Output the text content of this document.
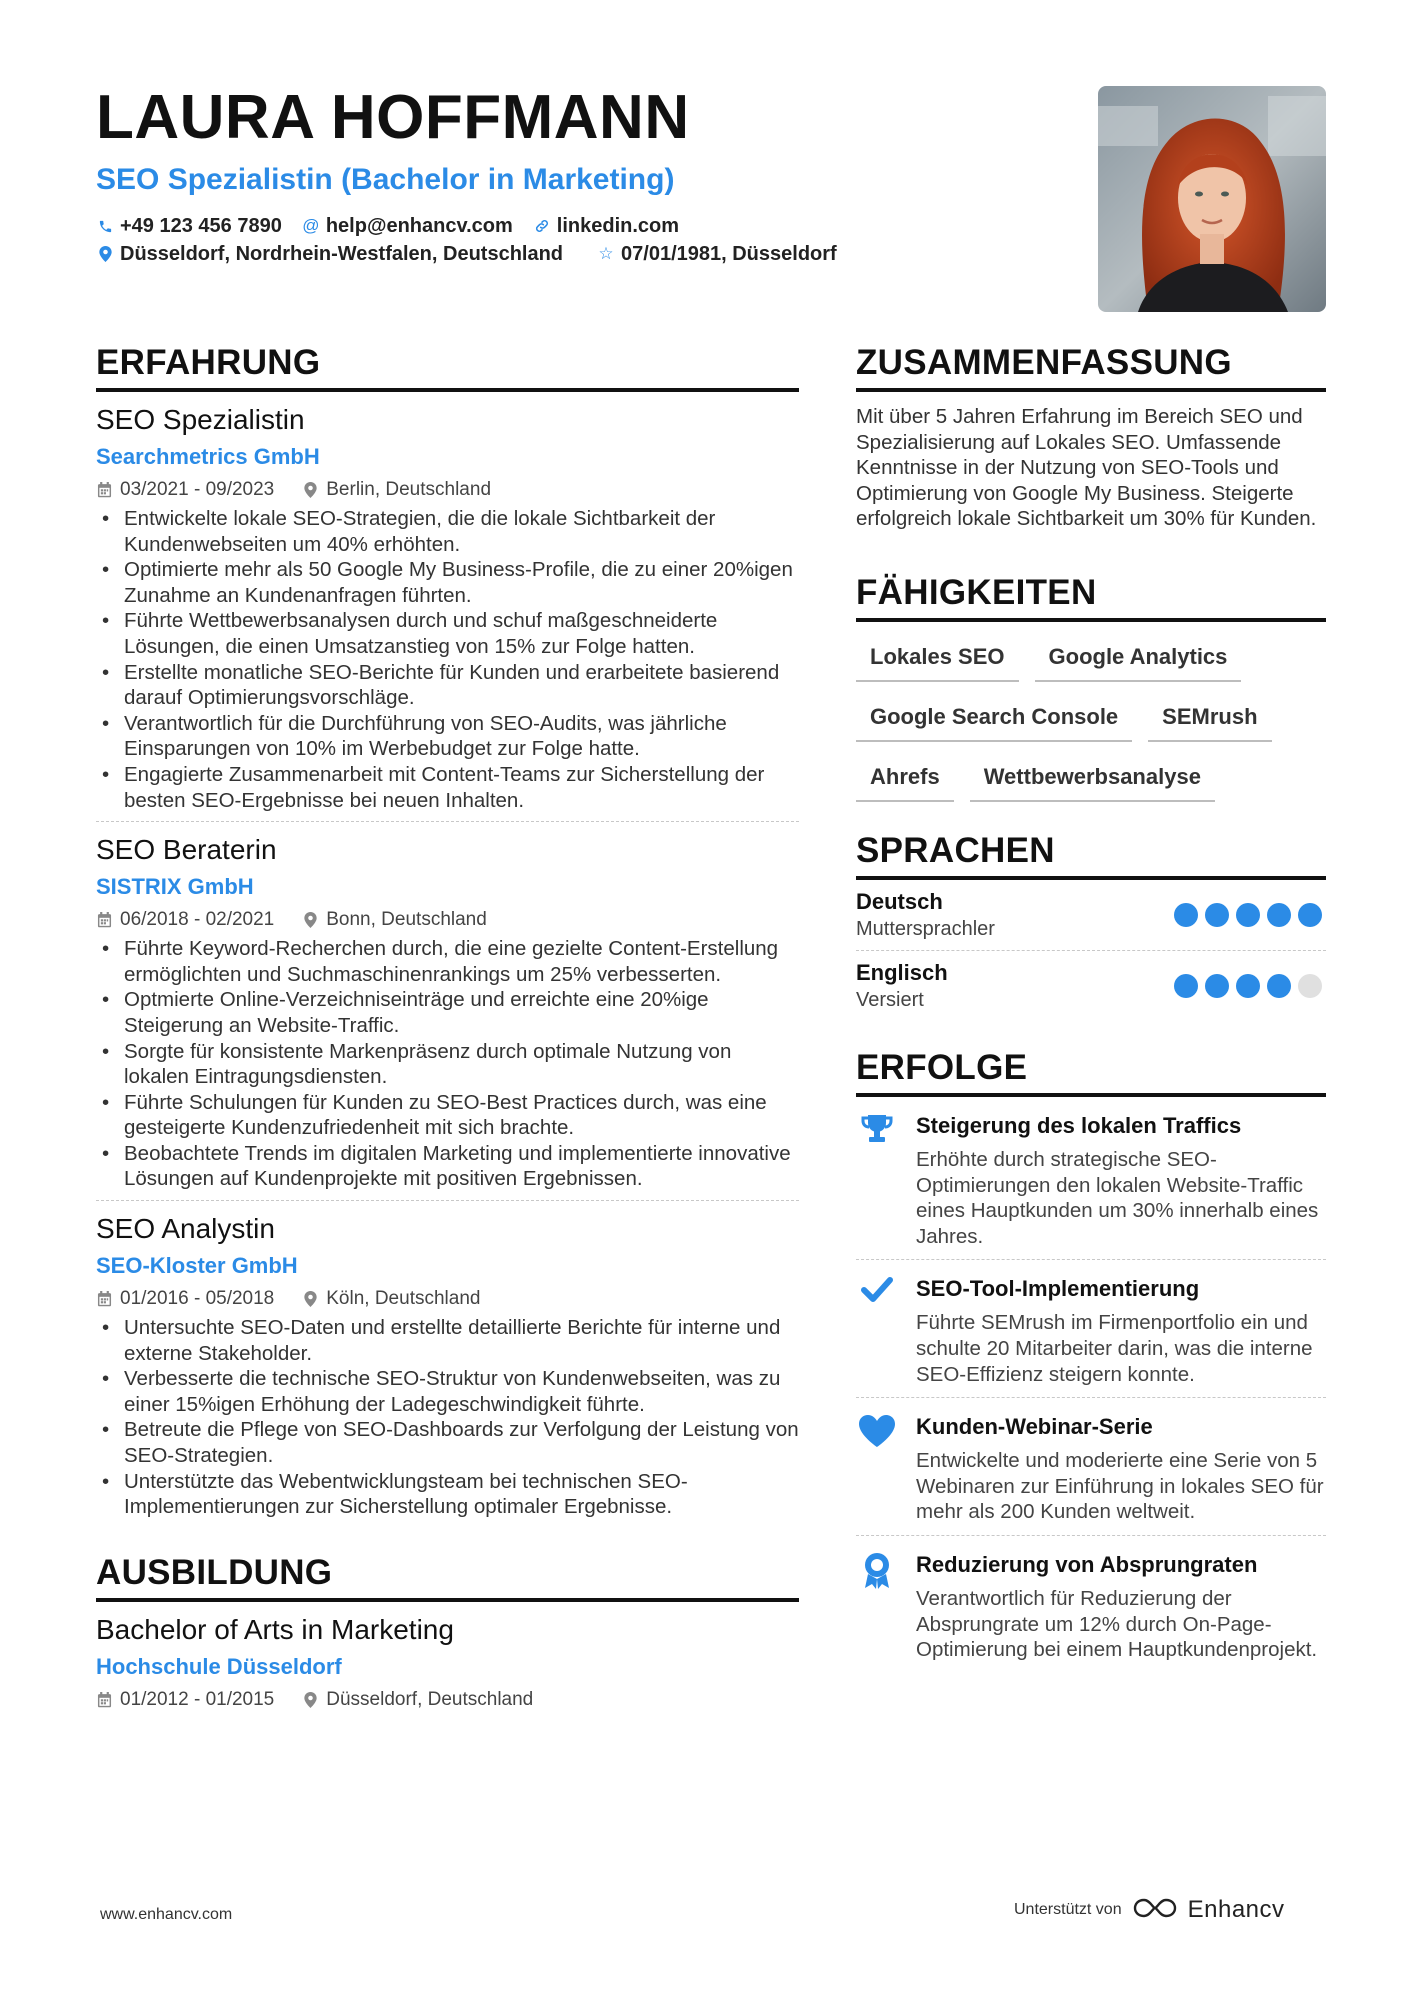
LAURA HOFFMANN
SEO Spezialistin (Bachelor in Marketing)
+49 123 456 7890 @ help@enhancv.com linkedin.com
Düsseldorf, Nordrhein-Westfalen, Deutschland ☆ 07/01/1981, Düsseldorf
ERFAHRUNG
SEO Spezialistin
Searchmetrics GmbH
03/2021 - 09/2023	Berlin, Deutschland
• Entwickelte lokale SEO-Strategien, die die lokale Sichtbarkeit der Kundenwebseiten um 40% erhöhten.
• Optimierte mehr als 50 Google My Business-Profile, die zu einer 20%igen Zunahme an Kundenanfragen führten.
• Führte Wettbewerbsanalysen durch und schuf maßgeschneiderte Lösungen, die einen Umsatzanstieg von 15% zur Folge hatten.
• Erstellte monatliche SEO-Berichte für Kunden und erarbeitete basierend darauf Optimierungsvorschläge.
• Verantwortlich für die Durchführung von SEO-Audits, was jährliche Einsparungen von 10% im Werbebudget zur Folge hatte.
• Engagierte Zusammenarbeit mit Content-Teams zur Sicherstellung der besten SEO-Ergebnisse bei neuen Inhalten.
SEO Beraterin
SISTRIX GmbH
06/2018 - 02/2021	Bonn, Deutschland
• Führte Keyword-Recherchen durch, die eine gezielte Content-Erstellung ermöglichten und Suchmaschinenrankings um 25% verbesserten.
• Optmierte Online-Verzeichniseinträge und erreichte eine 20%ige Steigerung an Website-Traffic.
• Sorgte für konsistente Markenpräsenz durch optimale Nutzung von lokalen Eintragungsdiensten.
• Führte Schulungen für Kunden zu SEO-Best Practices durch, was eine gesteigerte Kundenzufriedenheit mit sich brachte.
• Beobachtete Trends im digitalen Marketing und implementierte innovative Lösungen auf Kundenprojekte mit positiven Ergebnissen.
SEO Analystin
SEO-Kloster GmbH
01/2016 - 05/2018	Köln, Deutschland
• Untersuchte SEO-Daten und erstellte detaillierte Berichte für interne und externe Stakeholder.
• Verbesserte die technische SEO-Struktur von Kundenwebseiten, was zu einer 15%igen Erhöhung der Ladegeschwindigkeit führte.
• Betreute die Pflege von SEO-Dashboards zur Verfolgung der Leistung von SEO-Strategien.
• Unterstützte das Webentwicklungsteam bei technischen SEO-Implementierungen zur Sicherstellung optimaler Ergebnisse.
AUSBILDUNG
Bachelor of Arts in Marketing
Hochschule Düsseldorf
01/2012 - 01/2015	Düsseldorf, Deutschland
ZUSAMMENFASSUNG
Mit über 5 Jahren Erfahrung im Bereich SEO und Spezialisierung auf Lokales SEO. Umfassende Kenntnisse in der Nutzung von SEO-Tools und Optimierung von Google My Business. Steigerte erfolgreich lokale Sichtbarkeit um 30% für Kunden.
FÄHIGKEITEN
Lokales SEO	Google Analytics
Google Search Console	SEMrush
Ahrefs	Wettbewerbsanalyse
SPRACHEN
Deutsch
Muttersprachler
Englisch
Versiert
ERFOLGE
Steigerung des lokalen Traffics
Erhöhte durch strategische SEO-Optimierungen den lokalen Website-Traffic eines Hauptkunden um 30% innerhalb eines Jahres.
SEO-Tool-Implementierung
Führte SEMrush im Firmenportfolio ein und schulte 20 Mitarbeiter darin, was die interne SEO-Effizienz steigern konnte.
Kunden-Webinar-Serie
Entwickelte und moderierte eine Serie von 5 Webinaren zur Einführung in lokales SEO für mehr als 200 Kunden weltweit.
Reduzierung von Absprungraten
Verantwortlich für Reduzierung der Absprungrate um 12% durch On-Page-Optimierung bei einem Hauptkundenprojekt.
www.enhancv.com	Unterstützt von	Enhancv
